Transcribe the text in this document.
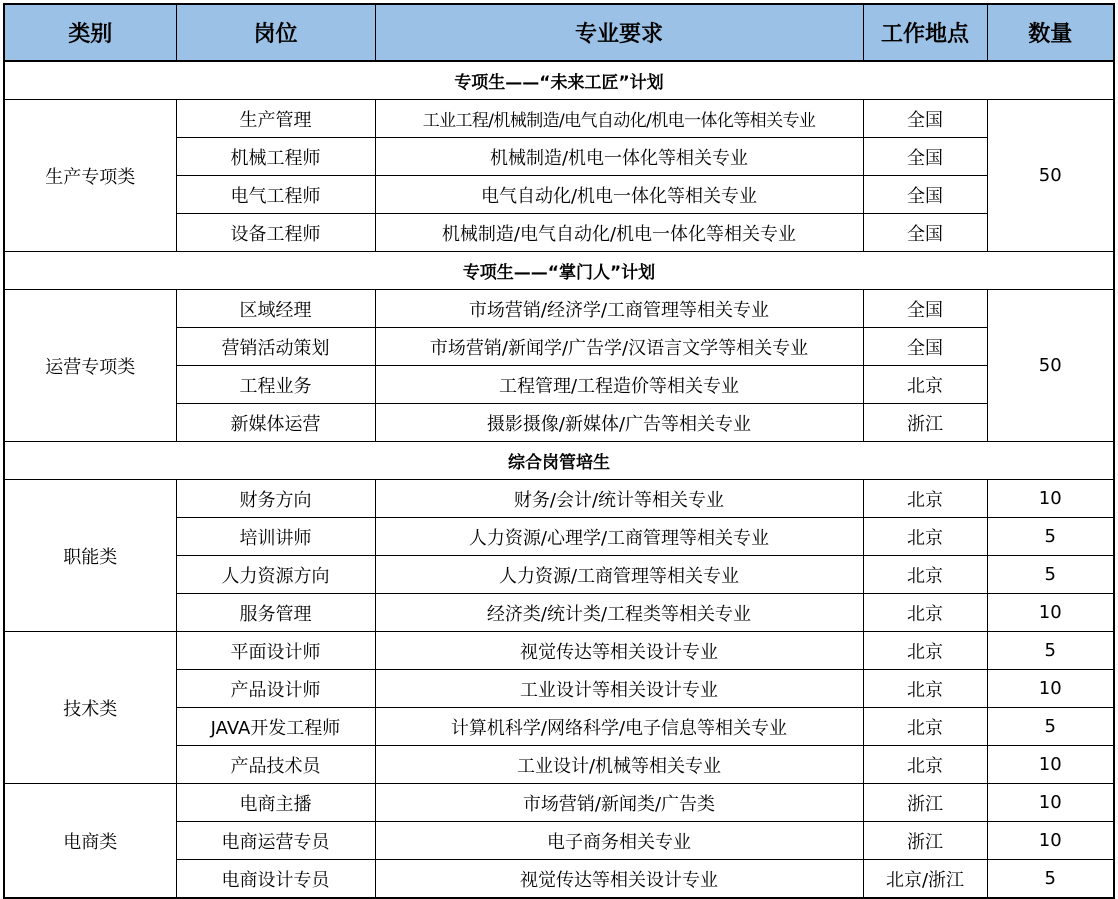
类别	岗位	专业要求	工作地点	数量
专项生——“未来工匠”计划				
生产专项类	生产管理	工业工程/机械制造/电气自动化/机电一体化等相关专业	全国	50
	机械工程师	机械制造/机电一体化等相关专业	全国	
	电气工程师	电气自动化/机电一体化等相关专业	全国	
	设备工程师	机械制造/电气自动化/机电一体化等相关专业	全国	
专项生——“掌门人”计划				
运营专项类	区域经理	市场营销/经济学/工商管理等相关专业	全国	50
	营销活动策划	市场营销/新闻学/广告学/汉语言文学等相关专业	全国	
	工程业务	工程管理/工程造价等相关专业	北京	
	新媒体运营	摄影摄像/新媒体/广告等相关专业	浙江	
综合岗管培生				
职能类	财务方向	财务/会计/统计等相关专业	北京	10
	培训讲师	人力资源/心理学/工商管理等相关专业	北京	5
	人力资源方向	人力资源/工商管理等相关专业	北京	5
	服务管理	经济类/统计类/工程类等相关专业	北京	10
技术类	平面设计师	视觉传达等相关设计专业	北京	5
	产品设计师	工业设计等相关设计专业	北京	10
	JAVA开发工程师	计算机科学/网络科学/电子信息等相关专业	北京	5
	产品技术员	工业设计/机械等相关专业	北京	10
电商类	电商主播	市场营销/新闻类/广告类	浙江	10
	电商运营专员	电子商务相关专业	浙江	10
	电商设计专员	视觉传达等相关设计专业	北京/浙江	5
